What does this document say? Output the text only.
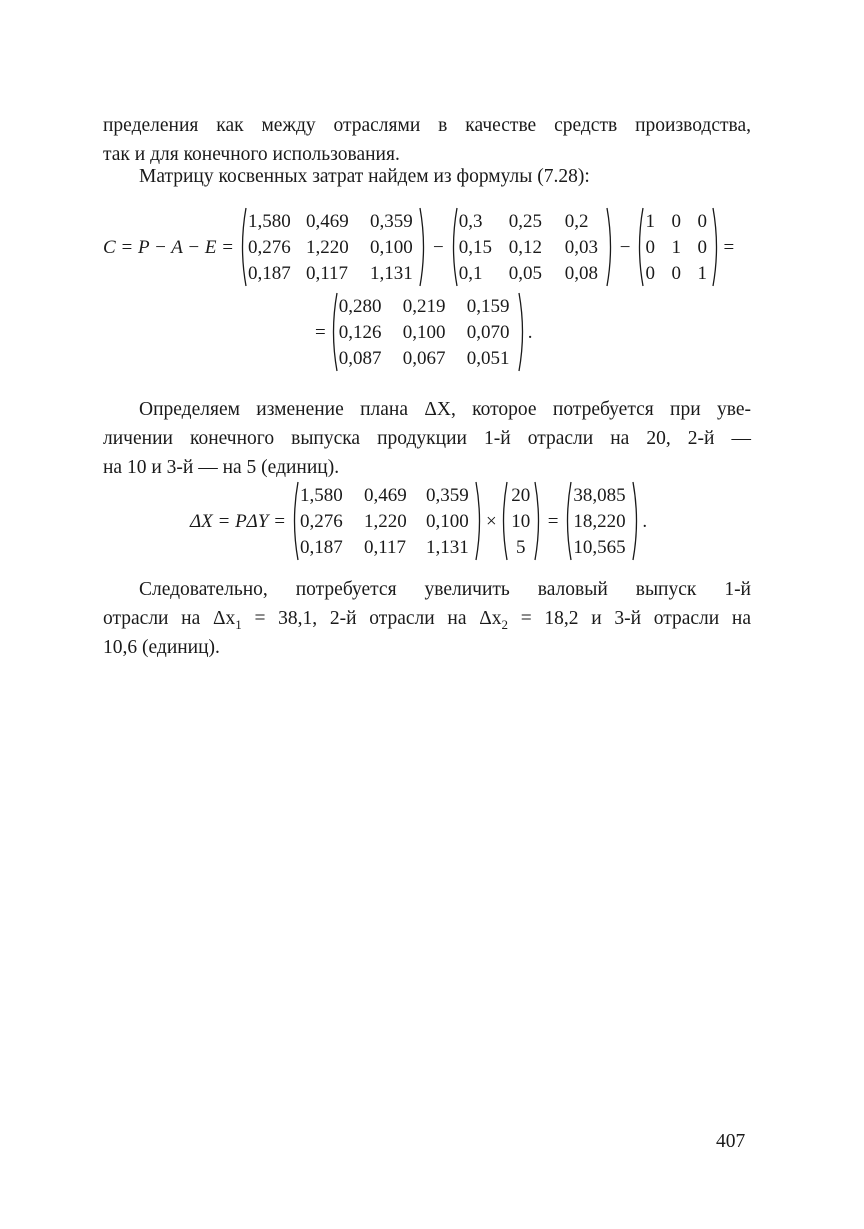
пределения как между отраслями в качестве средств производства,

так и для конечного использования.

Матрицу косвенных затрат найдем из формулы (7.28):

C = P − A − E =
1,580 0,469	0,359
0,276 1,220	0,100
0,187 0,117	1,131
−
0,3	0,25	0,2
0,15 0,12	0,03
0,1	0,05	0,08
−
1 0 0
0 1 0
0 0 1
=
=
0,280	0,219	0,159
0,126	0,100	0,070
0,087	0,067	0,051
.

Определяем изменение плана ΔX, которое потребуется при уве-

личении конечного выпуска продукции 1-й отрасли на 20, 2-й —

на 10 и 3-й — на 5 (единиц).

ΔX = PΔY =
1,580	0,469	0,359
0,276	1,220	0,100
0,187	0,117	1,131
×
20
10
5
=
38,085
18,220
10,565
.

Следовательно, потребуется увеличить валовый выпуск 1-й

отрасли на $\Delta x_1 = 38,1$, 2-й отрасли на $\Delta x_2 = 18,2$ и 3-й отрасли на

10,6 (единиц).

407
